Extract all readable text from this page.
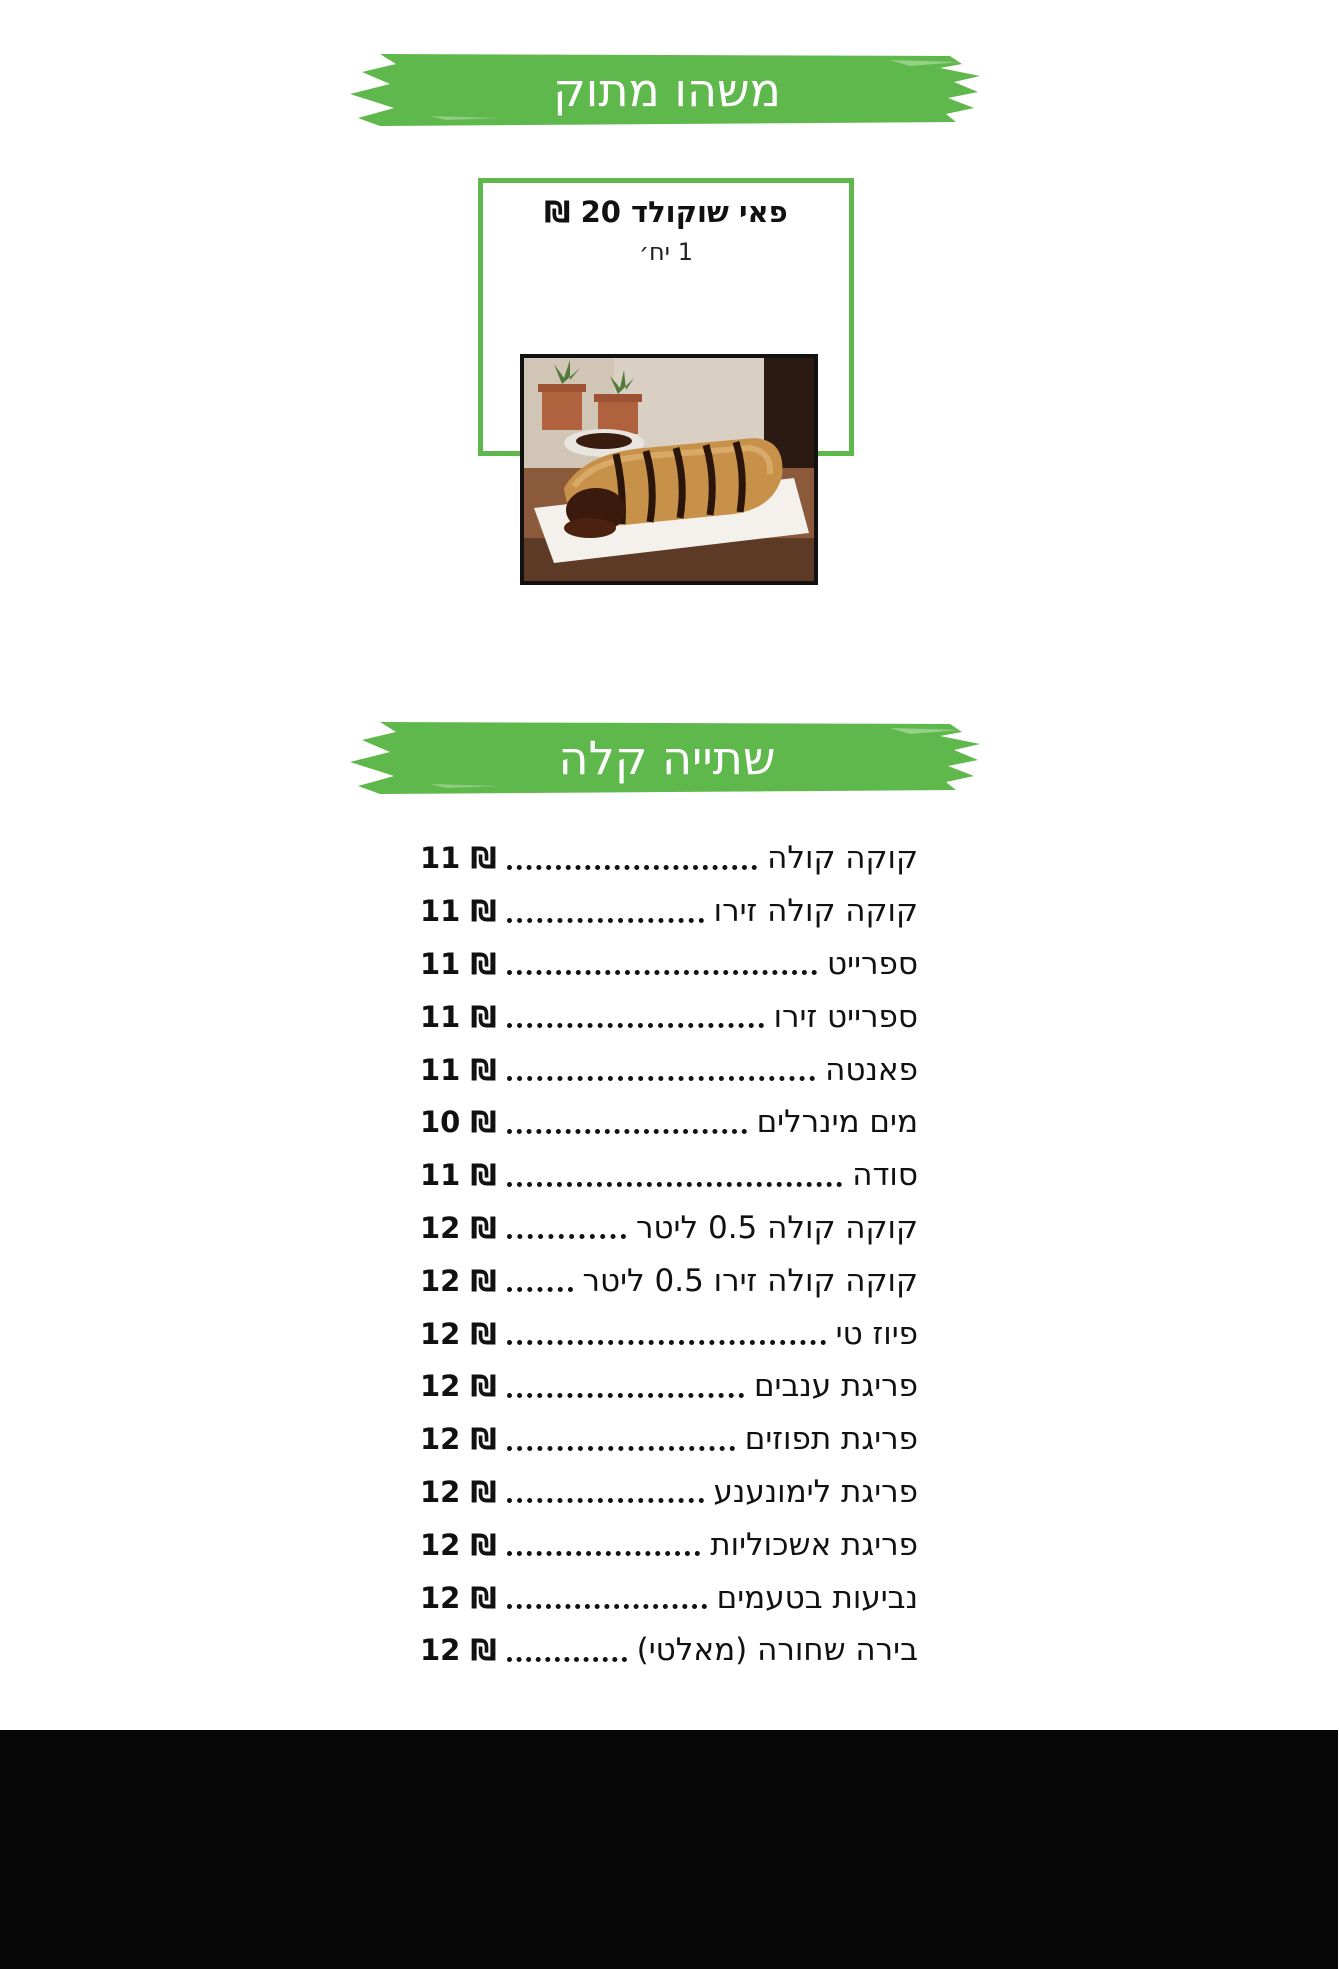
משהו מתוק
פאי שוקולד 20 ₪
1 יח׳
שתייה קלה
קוקה קולה
11 ₪
קוקה קולה זירו
11 ₪
ספרייט
11 ₪
ספרייט זירו
11 ₪
פאנטה
11 ₪
מים מינרלים
10 ₪
סודה
11 ₪
קוקה קולה 0.5 ליטר
12 ₪
קוקה קולה זירו 0.5 ליטר
12 ₪
פיוז טי
12 ₪
פריגת ענבים
12 ₪
פריגת תפוזים
12 ₪
פריגת לימונענע
12 ₪
פריגת אשכוליות
12 ₪
נביעות בטעמים
12 ₪
בירה שחורה (מאלטי)
12 ₪
